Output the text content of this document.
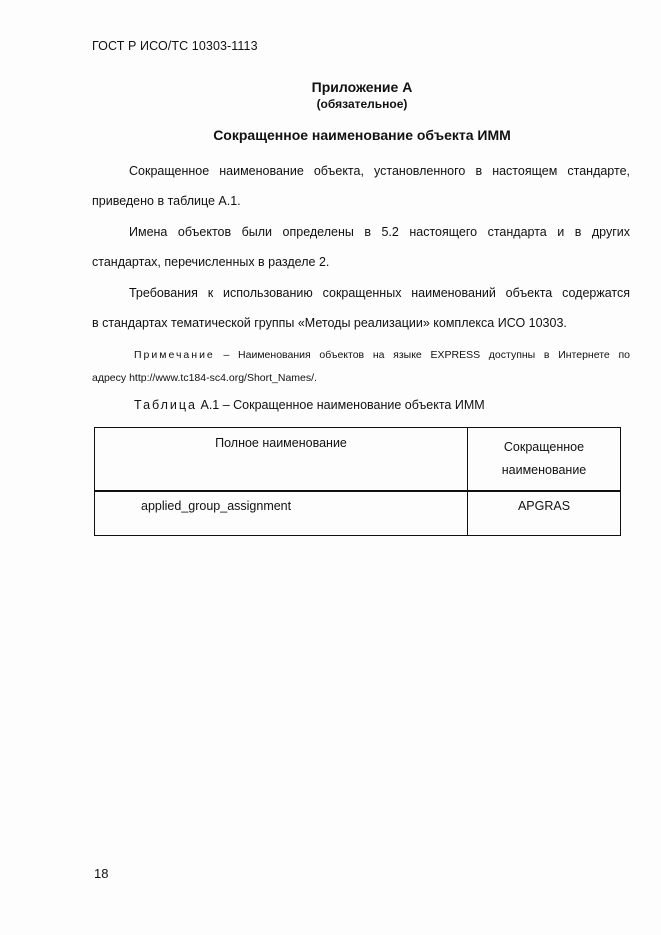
ГОСТ Р ИСО/ТС 10303-1113
Приложение А
(обязательное)
Сокращенное наименование объекта ИММ
Сокращенное наименование объекта, установленного в настоящем стандарте,
приведено в таблице А.1.
Имена объектов были определены в 5.2 настоящего стандарта и в других
стандартах, перечисленных в разделе 2.
Требования к использованию сокращенных наименований объекта содержатся
в стандартах тематической группы «Методы реализации» комплекса ИСО 10303.
Примечание – Наименования объектов на языке EXPRESS доступны в Интернете по
адресу http://www.tc184-sc4.org/Short_Names/.
Таблица А.1 – Сокращенное наименование объекта ИММ
Полное наименование	Сокращенное
наименование
applied_group_assignment	APGRAS
18
